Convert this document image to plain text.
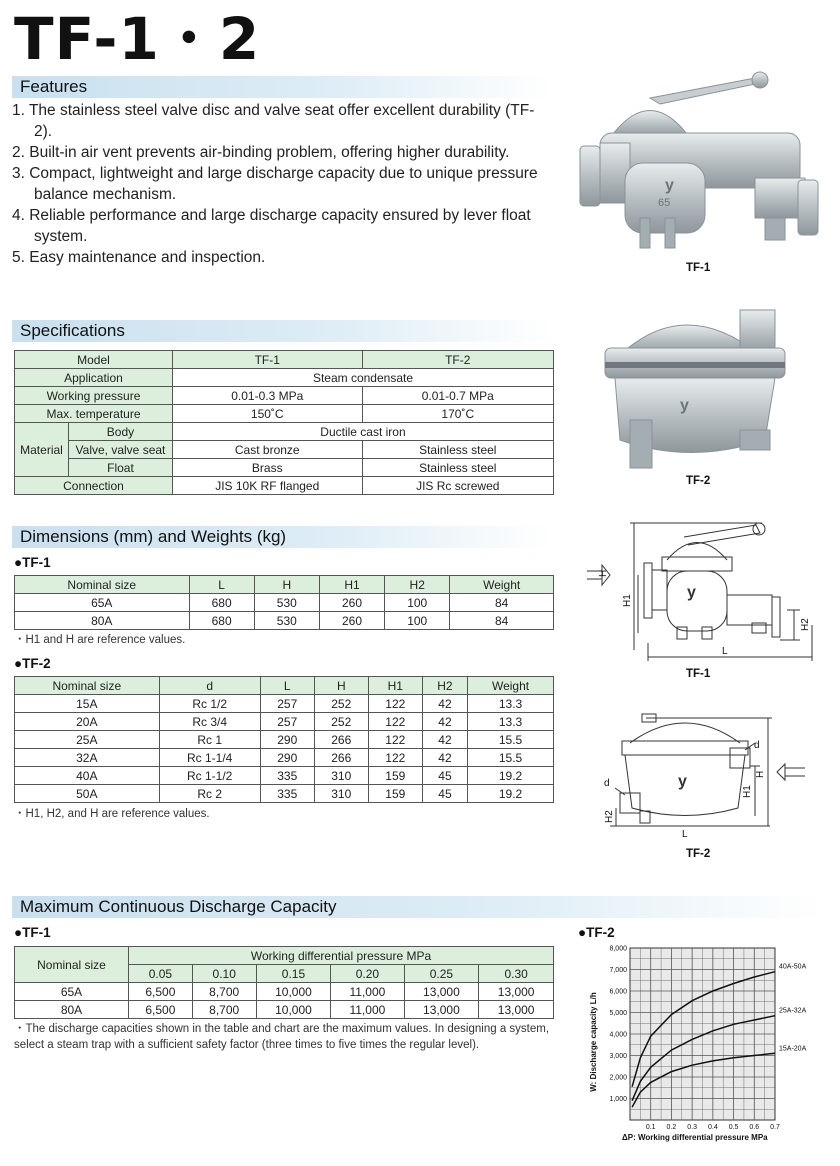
TF-1・2
Features
1. The stainless steel valve disc and valve seat offer excellent durability (TF-2).
2. Built-in air vent prevents air-binding problem, offering higher durability.
3. Compact, lightweight and large discharge capacity due to unique pressure balance mechanism.
4. Reliable performance and large discharge capacity ensured by lever float system.
5. Easy maintenance and inspection.
y
65
TF-1
y
TF-2
Specifications
Model		TF-1	TF-2
Application		Steam condensate	
Working pressure		0.01-0.3 MPa	0.01-0.7 MPa
Max. temperature		150˚C	170˚C
Material	Body	Ductile cast iron	
	Valve, valve seat	Cast bronze	Stainless steel
	Float	Brass	Stainless steel
Connection		JIS 10K RF flanged	JIS Rc screwed
Dimensions (mm) and Weights (kg)
●TF-1
Nominal size	L	H	H1	H2	Weight
65A	680	530	260	100	84
80A	680	530	260	100	84
・H1 and H are reference values.
●TF-2
Nominal size	d	L	H	H1	H2	Weight
15A	Rc 1/2	257	252	122	42	13.3
20A	Rc 3/4	257	252	122	42	13.3
25A	Rc 1	290	266	122	42	15.5
32A	Rc 1-1/4	290	266	122	42	15.5
40A	Rc 1-1/2	335	310	159	45	19.2
50A	Rc 2	335	310	159	45	19.2
・H1, H2, and H are reference values.
H
H1
H2
L
y
TF-1
H
H1
H2
L
d
d	y
TF-2
Maximum Continuous Discharge Capacity
●TF-1
Nominal size	Working differential pressure MPa					
	0.05	0.10	0.15	0.20	0.25	0.30
65A	6,500	8,700	10,000	11,000	13,000	13,000
80A	6,500	8,700	10,000	11,000	13,000	13,000
・The discharge capacities shown in the table and chart are the maximum values. In designing a system, select a steam trap with a sufficient safety factor (three times to five times the regular level).
●TF-2
0.1 0.2 0.3 0.4 0.5 0.6 0.7
1,000
2,000
3,000
4,000
5,000
6,000
7,000
8,000
ΔP: Working differential pressure MPa
W: Discharge capacity L/h
40A-50A
25A-32A
15A-20A
